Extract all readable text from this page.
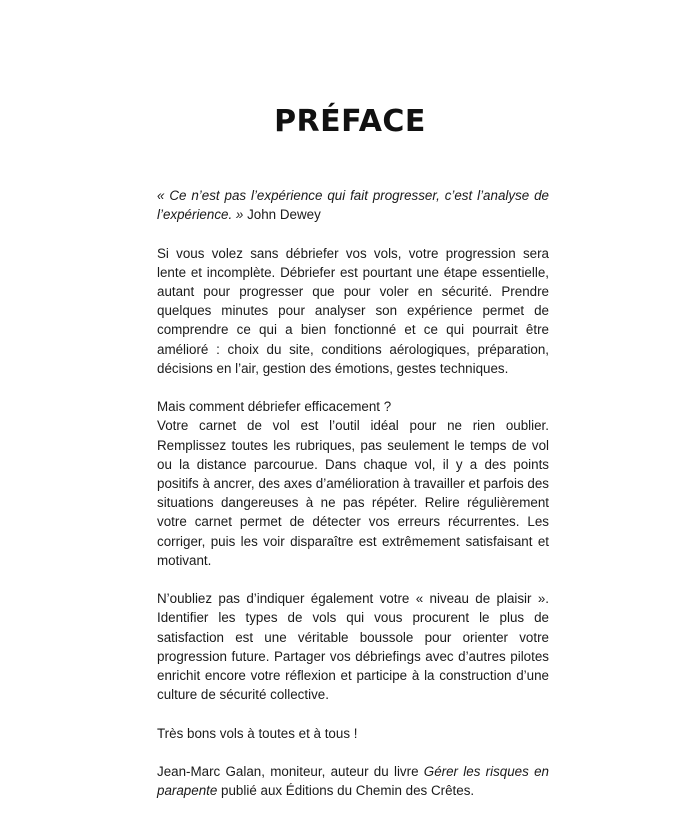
PRÉFACE

« Ce n’est pas l’expérience qui fait progresser, c’est l’analyse de l’expérience. » John Dewey

Si vous volez sans débriefer vos vols, votre progression sera lente et incomplète. Débriefer est pourtant une étape essentielle, autant pour progresser que pour voler en sécurité. Prendre quelques minutes pour analyser son expérience permet de comprendre ce qui a bien fonctionné et ce qui pourrait être amélioré : choix du site, conditions aérologiques, préparation, décisions en l’air, gestion des émotions, gestes techniques.

Mais comment débriefer efficacement ?

Votre carnet de vol est l’outil idéal pour ne rien oublier. Remplissez toutes les rubriques, pas seulement le temps de vol ou la distance parcourue. Dans chaque vol, il y a des points positifs à ancrer, des axes d’amélioration à travailler et parfois des situations dangereuses à ne pas répéter. Relire régulièrement votre carnet permet de détecter vos erreurs récurrentes. Les corriger, puis les voir disparaître est extrêmement satisfaisant et motivant.

N’oubliez pas d’indiquer également votre « niveau de plaisir ». Identifier les types de vols qui vous procurent le plus de satisfaction est une véritable boussole pour orienter votre progression future. Partager vos débriefings avec d’autres pilotes enrichit encore votre réflexion et participe à la construction d’une culture de sécurité collective.

Très bons vols à toutes et à tous !

Jean-Marc Galan, moniteur, auteur du livre Gérer les risques en parapente publié aux Éditions du Chemin des Crêtes.
